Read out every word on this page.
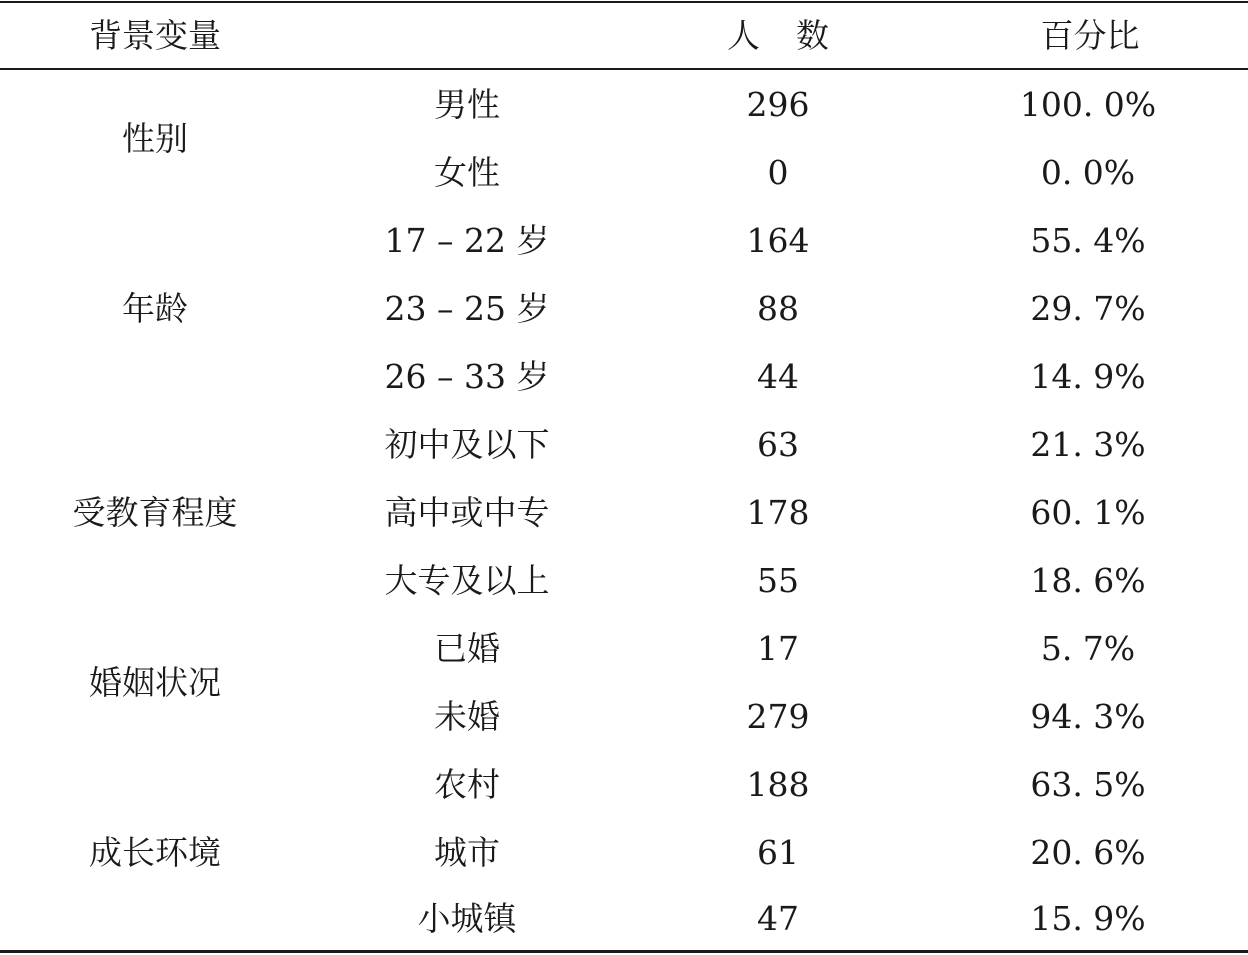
背景变量	人 数	百分比
性别
男性	296	100. 0%
女性	0	0. 0%
年龄
17 – 22 岁	164	55. 4%
23 – 25 岁	88	29. 7%
26 – 33 岁	44	14. 9%
受教育程度
初中及以下	63	21. 3%
高中或中专	178	60. 1%
大专及以上	55	18. 6%
婚姻状况
已婚	17	5. 7%
未婚	279	94. 3%
成长环境
农村	188	63. 5%
城市	61	20. 6%
小城镇	47	15. 9%
